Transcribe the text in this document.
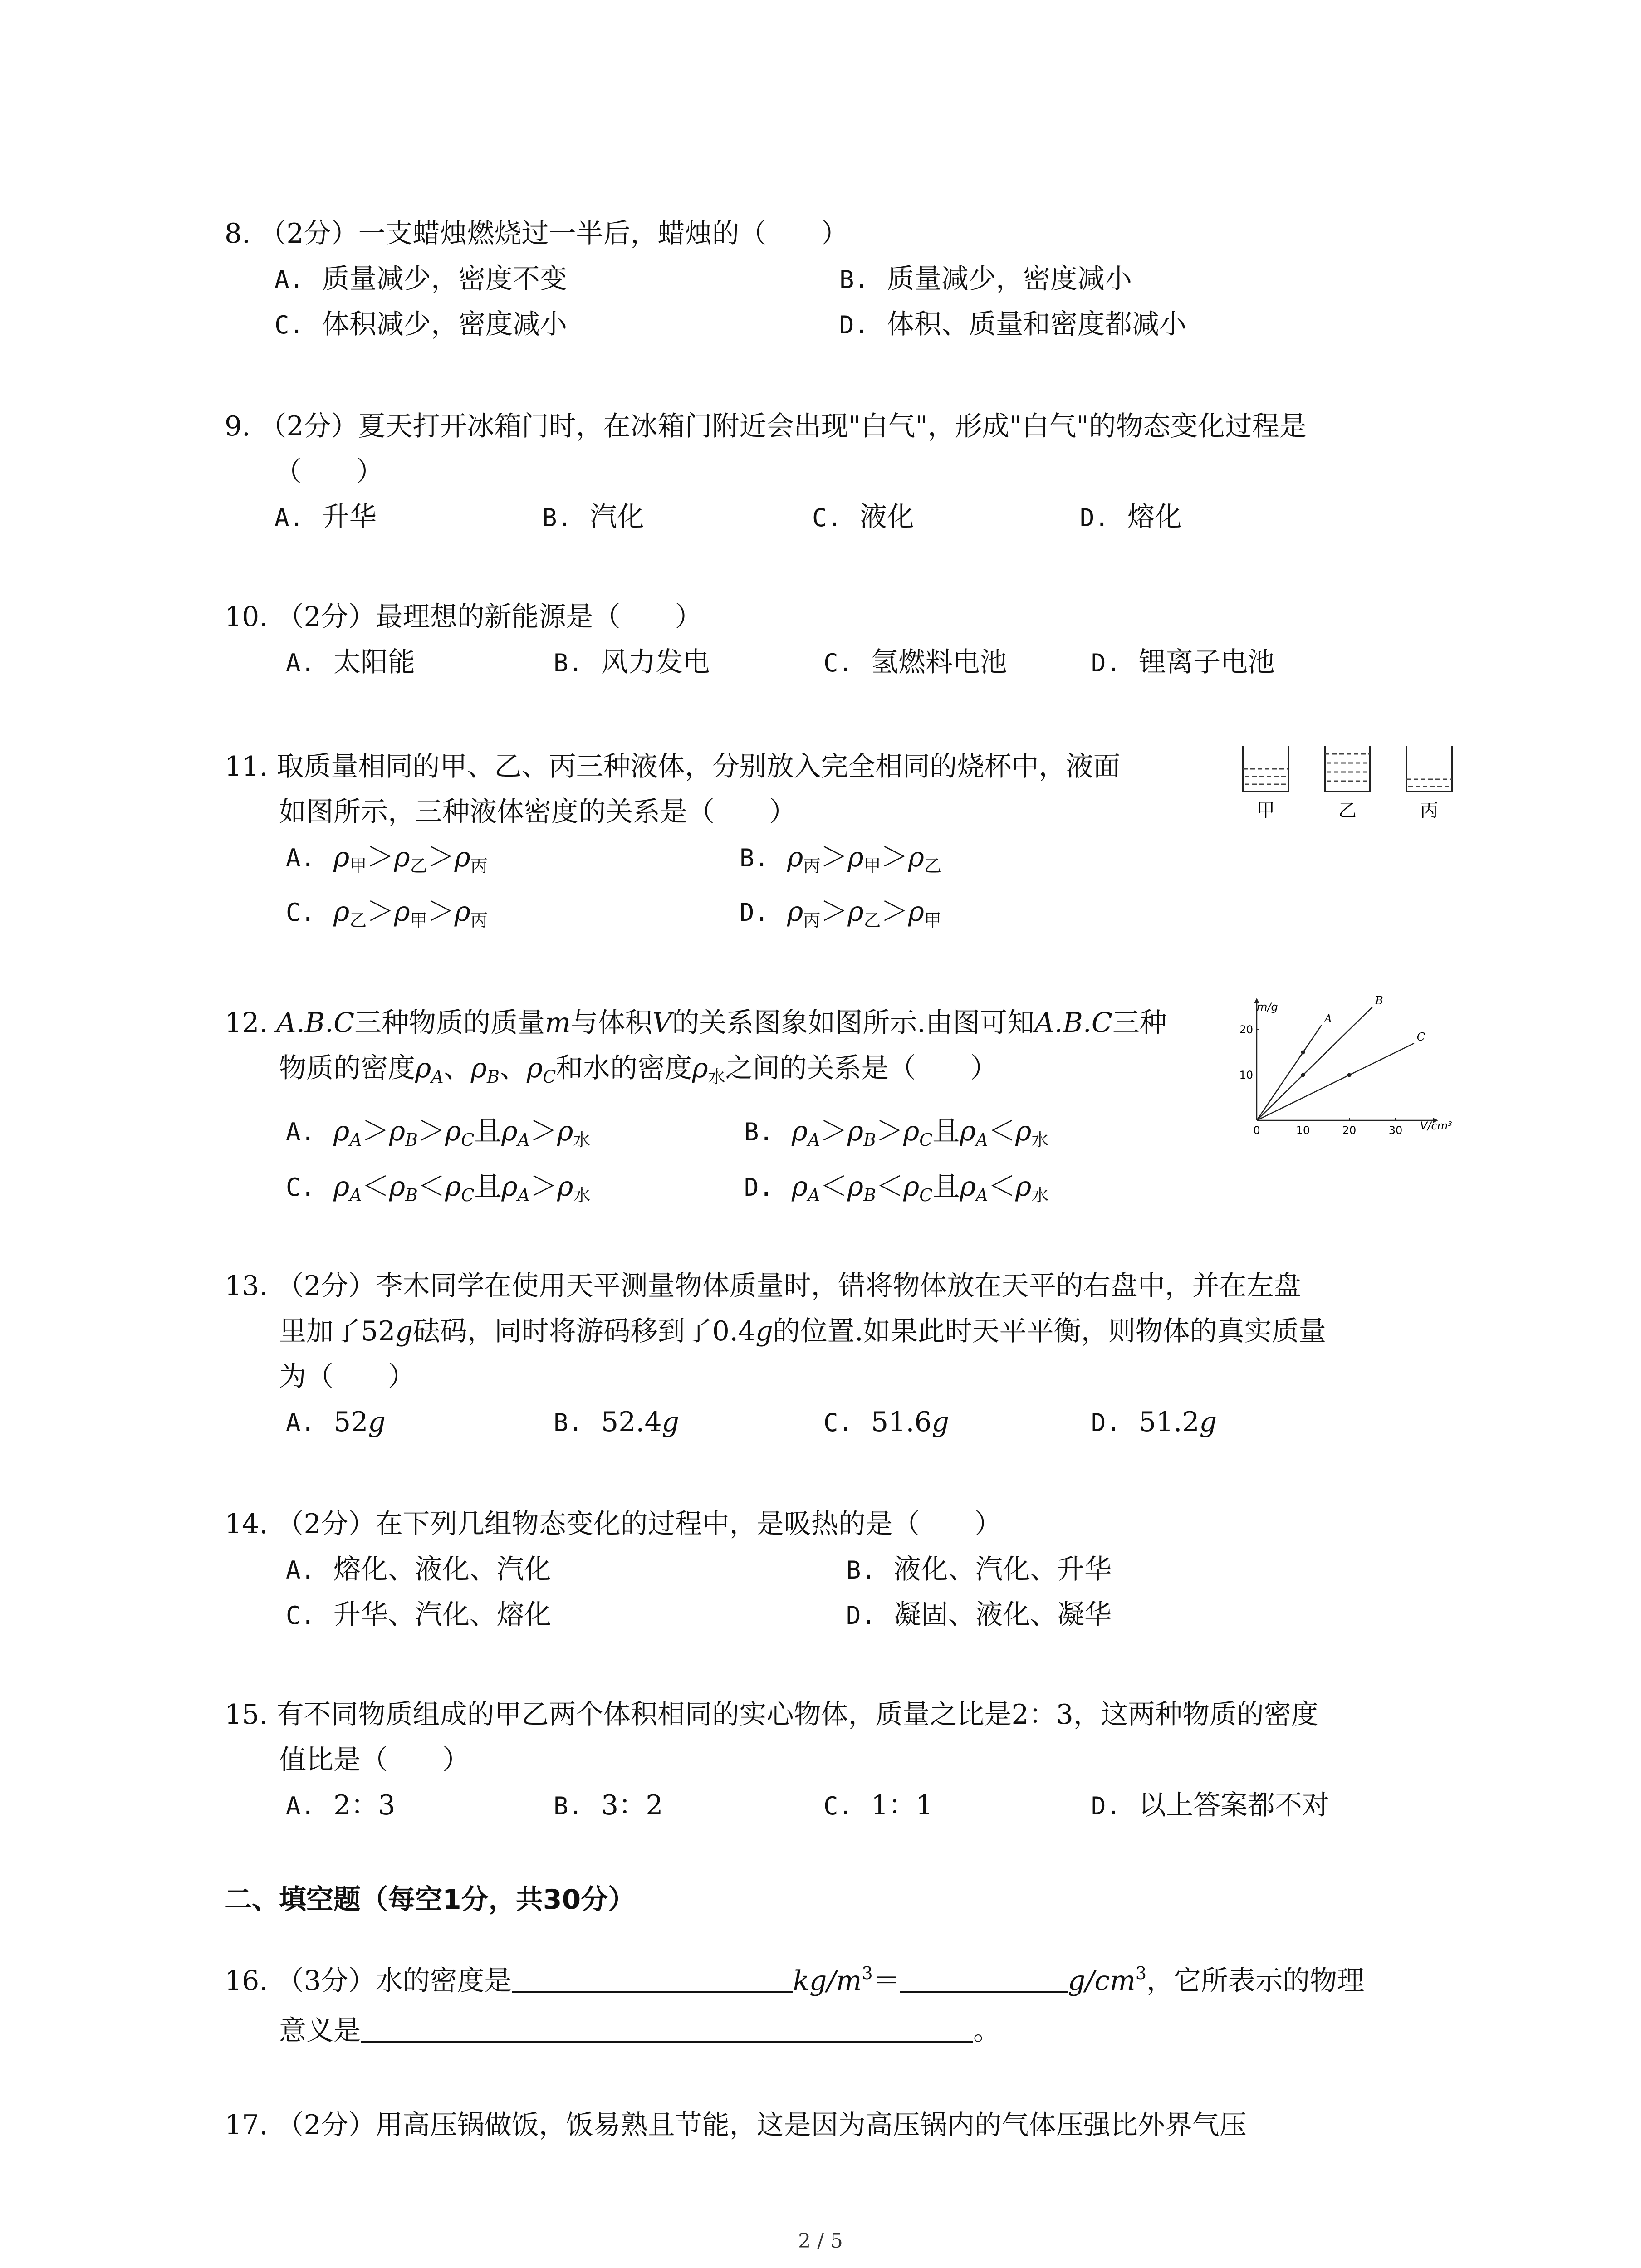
8. （2分）一支蜡烛燃烧过一半后，蜡烛的（　　）
A. 质量减少，密度不变	B. 质量减少，密度减小
C. 体积减少，密度减小	D. 体积、质量和密度都减小
9. （2分）夏天打开冰箱门时，在冰箱门附近会出现"白气"，形成"白气"的物态变化过程是
（　　）
A. 升华	B. 汽化	C. 液化	D. 熔化
10. （2分）最理想的新能源是（　　）
A. 太阳能	B. 风力发电	C. 氢燃料电池	D. 锂离子电池
11. 取质量相同的甲、乙、丙三种液体，分别放入完全相同的烧杯中，液面
如图所示，三种液体密度的关系是（　　）
A. $\rho_甲>\rho_乙>\rho_丙$	B. $\rho_丙>\rho_甲>\rho_乙$
C. $\rho_乙>\rho_甲>\rho_丙$	D. $\rho_丙>\rho_乙>\rho_甲$
甲	乙	丙
12. A.B.C三种物质的质量m与体积V的关系图象如图所示.由图可知A.B.C三种
物质的密度$\rho_A$、$\rho_B$、$\rho_C$和水的密度$\rho_水$之间的关系是（　　）
A. $\rho_A>\rho_B>\rho_C$且$\rho_A>\rho_水$	B. $\rho_A>\rho_B>\rho_C$且$\rho_A<\rho_水$
C. $\rho_A<\rho_B<\rho_C$且$\rho_A>\rho_水$	D. $\rho_A<\rho_B<\rho_C$且$\rho_A<\rho_水$
0	10	20	30
10
20
A
B
C
m/g
V/cm³
13. （2分）李木同学在使用天平测量物体质量时，错将物体放在天平的右盘中，并在左盘
里加了52g砝码，同时将游码移到了0.4g的位置.如果此时天平平衡，则物体的真实质量
为（　　）
A. 52g	B. 52.4g	C. 51.6g	D. 51.2g
14. （2分）在下列几组物态变化的过程中，是吸热的是（　　）
A. 熔化、液化、汽化	B. 液化、汽化、升华
C. 升华、汽化、熔化	D. 凝固、液化、凝华
15. 有不同物质组成的甲乙两个体积相同的实心物体，质量之比是2：3，这两种物质的密度
值比是（　　）
A. 2：3	B. 3：2	C. 1：1	D. 以上答案都不对
二、填空题（每空1分，共30分）
16. （3分）水的密度是	$kg/m^3=$	$g/cm^3$，它所表示的物理
意义是	。
17. （2分）用高压锅做饭，饭易熟且节能，这是因为高压锅内的气体压强比外界气压
2 / 5
